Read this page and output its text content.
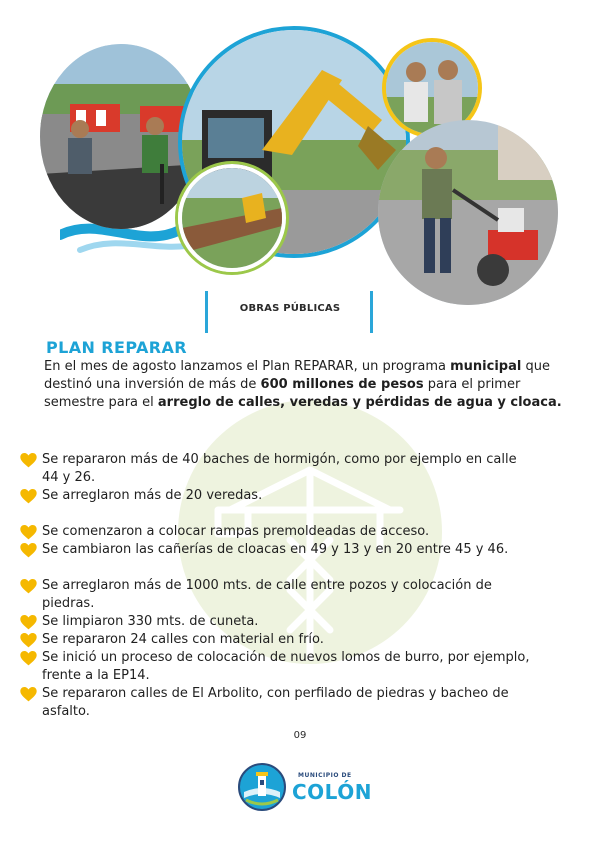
OBRAS PÚBLICAS
PLAN REPARAR
En el mes de agosto lanzamos el Plan REPARAR, un programa municipal que destinó una inversión de más de 600 millones de pesos para el primer semestre para el arreglo de calles, veredas y pérdidas de agua y cloaca.
Se repararon más de 40 baches de hormigón, como por ejemplo en calle 44 y 26.
Se arreglaron más de 20 veredas.
Se comenzaron a colocar rampas premoldeadas de acceso.
Se cambiaron las cañerías de cloacas en 49 y 13 y en 20 entre 45 y 46.
Se arreglaron más de 1000 mts. de calle entre pozos y colocación de piedras.
Se limpiaron 330 mts. de cuneta.
Se repararon 24 calles con material en frío.
Se inició un proceso de colocación de nuevos lomos de burro, por ejemplo, frente a la EP14.
Se repararon calles de El Arbolito, con perfilado de piedras y bacheo de asfalto.
09
MUNICIPIO DE
COLÓN
